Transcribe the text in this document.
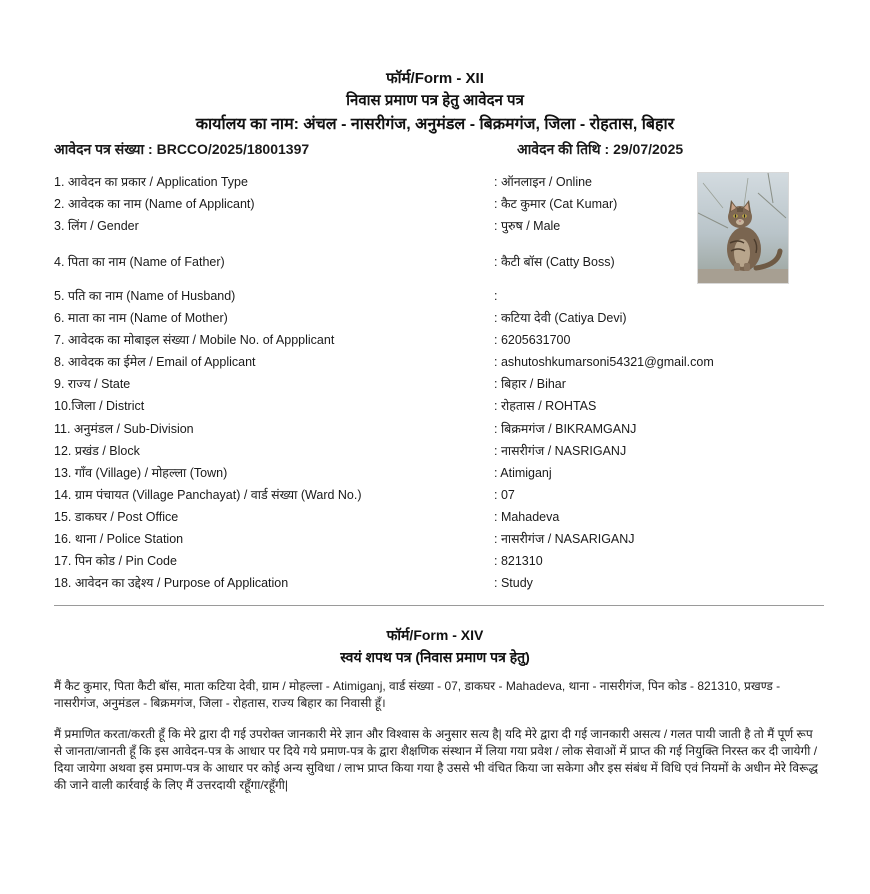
फॉर्म/Form - XII
निवास प्रमाण पत्र हेतु आवेदन पत्र
कार्यालय का नाम: अंचल - नासरीगंज, अनुमंडल - बिक्रमगंज, जिला - रोहतास, बिहार
आवेदन पत्र संख्या : BRCCO/2025/18001397	आवेदन की तिथि : 29/07/2025
1. आवेदन का प्रकार / Application Type	: ऑनलाइन / Online
2. आवेदक का नाम (Name of Applicant)	: कैट कुमार (Cat Kumar)
3. लिंग / Gender	: पुरुष / Male
4. पिता का नाम (Name of Father)	: कैटी बॉस (Catty Boss)
5. पति का नाम (Name of Husband)	:
6. माता का नाम (Name of Mother)	: कटिया देवी (Catiya Devi)
7. आवेदक का मोबाइल संख्या / Mobile No. of Appplicant	: 6205631700
8. आवेदक का ईमेल / Email of Applicant	: ashutoshkumarsoni54321@gmail.com
9. राज्य / State	: बिहार / Bihar
10.जिला / District	: रोहतास / ROHTAS
11. अनुमंडल / Sub-Division	: बिक्रमगंज / BIKRAMGANJ
12. प्रखंड / Block	: नासरीगंज / NASRIGANJ
13. गाँव (Village) / मोहल्ला (Town)	: Atimiganj
14. ग्राम पंचायत (Village Panchayat) / वार्ड संख्या (Ward No.)	: 07
15. डाकघर / Post Office	: Mahadeva
16. थाना / Police Station	: नासरीगंज / NASARIGANJ
17. पिन कोड / Pin Code	: 821310
18. आवेदन का उद्देश्य / Purpose of Application	: Study
फॉर्म/Form - XIV
स्वयं शपथ पत्र (निवास प्रमाण पत्र हेतु)
मैं कैट कुमार, पिता कैटी बॉस, माता कटिया देवी, ग्राम / मोहल्ला - Atimiganj, वार्ड संख्या - 07, डाकघर - Mahadeva, थाना - नासरीगंज, पिन कोड - 821310, प्रखण्ड - नासरीगंज, अनुमंडल - बिक्रमगंज, जिला - रोहतास, राज्य बिहार का निवासी हूँ।
मैं प्रमाणित करता/करती हूँ कि मेरे द्वारा दी गई उपरोक्त जानकारी मेरे ज्ञान और विश्वास के अनुसार सत्य है| यदि मेरे द्वारा दी गई जानकारी असत्य / गलत पायी जाती है तो मैं पूर्ण रूप से जानता/जानती हूँ कि इस आवेदन-पत्र के आधार पर दिये गये प्रमाण-पत्र के द्वारा शैक्षणिक संस्थान में लिया गया प्रवेश / लोक सेवाओं में प्राप्त की गई नियुक्ति निरस्त कर दी जायेगी / दिया जायेगा अथवा इस प्रमाण-पत्र के आधार पर कोई अन्य सुविधा / लाभ प्राप्त किया गया है उससे भी वंचित किया जा सकेगा और इस संबंध में विधि एवं नियमों के अधीन मेरे विरूद्ध की जाने वाली कार्रवाई के लिए मैं उत्तरदायी रहूँगा/रहूँगी|
